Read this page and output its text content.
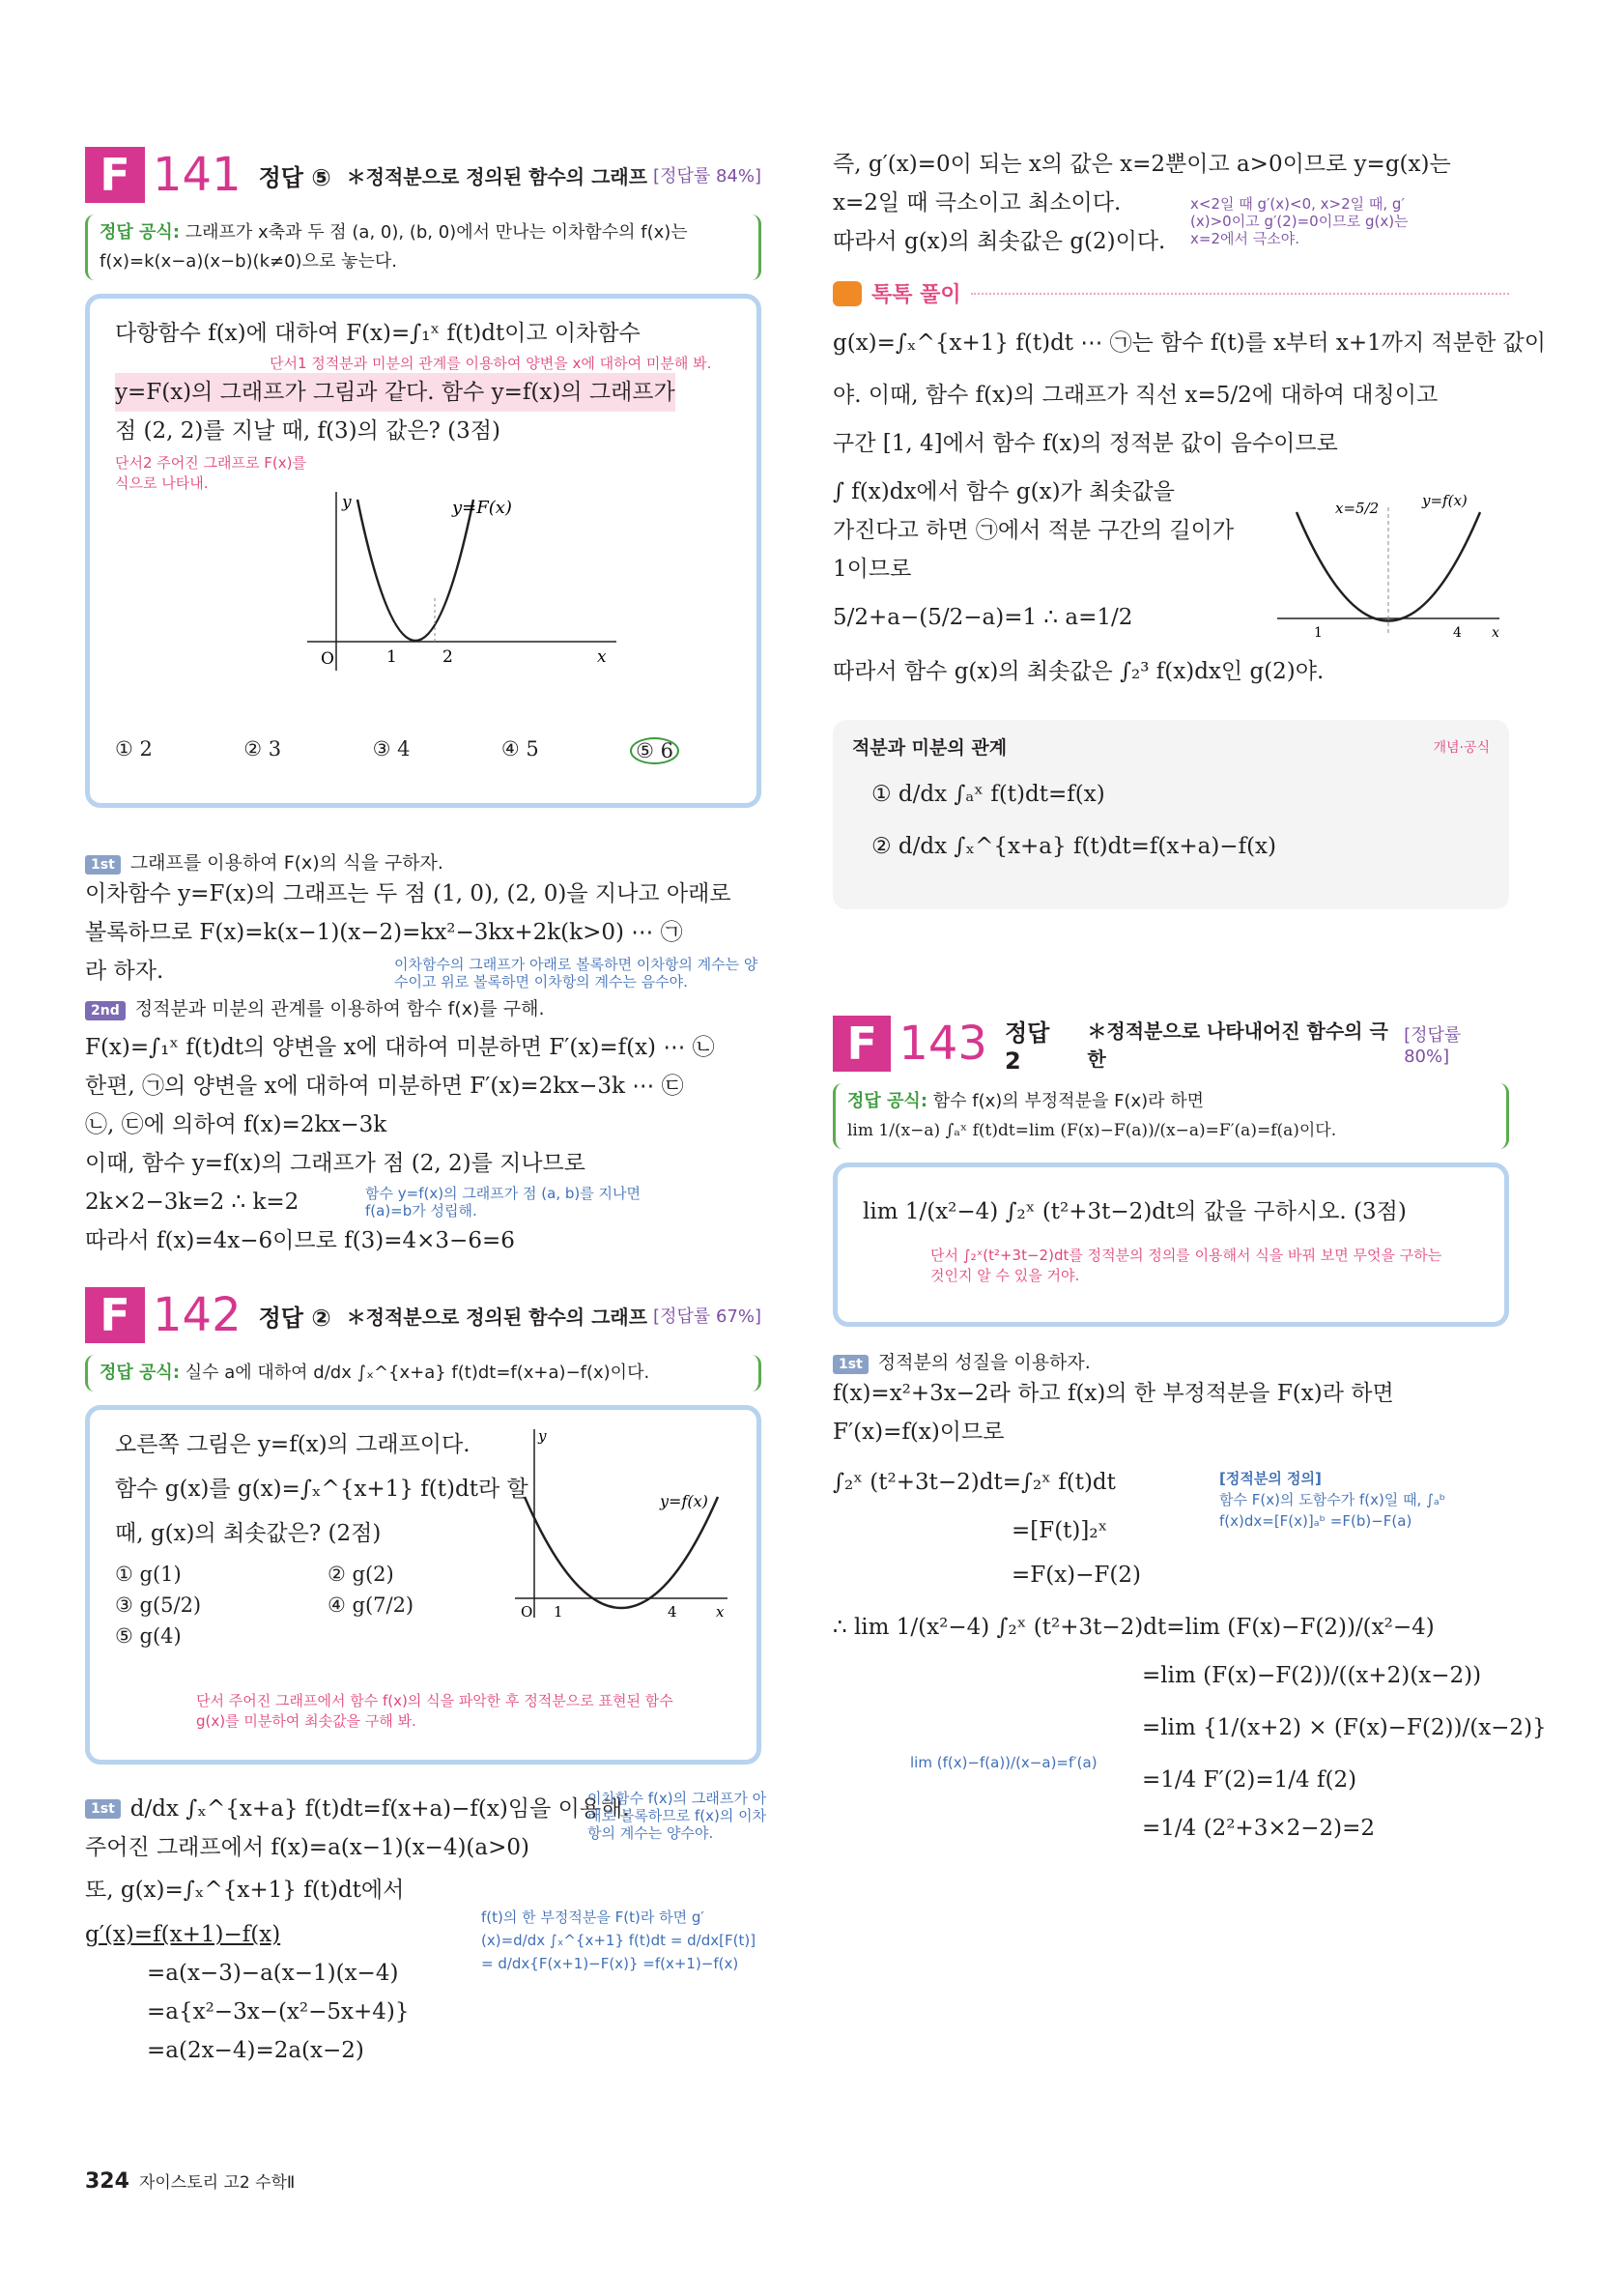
F 141 정답 ⑤ ＊정적분으로 정의된 함수의 그래프 [정답률 84%]
정답 공식: 그래프가 x축과 두 점 (a, 0), (b, 0)에서 만나는 이차함수의 f(x)는 f(x)=k(x−a)(x−b)(k≠0)으로 놓는다.
다항함수 f(x)에 대하여 F(x)=∫₁ˣ f(t)dt이고 이차함수
단서1 정적분과 미분의 관계를 이용하여 양변을 x에 대하여 미분해 봐.
y=F(x)의 그래프가 그림과 같다. 함수 y=f(x)의 그래프가
점 (2, 2)를 지날 때, f(3)의 값은? (3점)
단서2 주어진 그래프로 F(x)를 식으로 나타내.
O	1	2	x
y	y=F(x)
① 2	② 3	③ 4	④ 5	⑤ 6
1st 그래프를 이용하여 F(x)의 식을 구하자.
이차함수 y=F(x)의 그래프는 두 점 (1, 0), (2, 0)을 지나고 아래로
볼록하므로 F(x)=k(x−1)(x−2)=kx²−3kx+2k(k>0) ⋯ ㉠
라 하자.	이차함수의 그래프가 아래로 볼록하면 이차항의 계수는 양수이고 위로 볼록하면 이차항의 계수는 음수야.
2nd 정적분과 미분의 관계를 이용하여 함수 f(x)를 구해.
F(x)=∫₁ˣ f(t)dt의 양변을 x에 대하여 미분하면 F′(x)=f(x) ⋯ ㉡
한편, ㉠의 양변을 x에 대하여 미분하면 F′(x)=2kx−3k ⋯ ㉢
㉡, ㉢에 의하여 f(x)=2kx−3k
이때, 함수 y=f(x)의 그래프가 점 (2, 2)를 지나므로
2k×2−3k=2 ∴ k=2	함수 y=f(x)의 그래프가 점 (a, b)를 지나면 f(a)=b가 성립해.
따라서 f(x)=4x−6이므로 f(3)=4×3−6=6
F 142 정답 ② ＊정적분으로 정의된 함수의 그래프 [정답률 67%]
정답 공식: 실수 a에 대하여 d/dx ∫ₓ^{x+a} f(t)dt=f(x+a)−f(x)이다.
오른쪽 그림은 y=f(x)의 그래프이다.
함수 g(x)를 g(x)=∫ₓ^{x+1} f(t)dt라 할
때, g(x)의 최솟값은? (2점)
① g(1)	② g(2)
③ g(5/2)	④ g(7/2)
⑤ g(4)
단서 주어진 그래프에서 함수 f(x)의 식을 파악한 후 정적분으로 표현된 함수 g(x)를 미분하여 최솟값을 구해 봐.
O 1	4	x
y
y=f(x)
1st d/dx ∫ₓ^{x+a} f(t)dt=f(x+a)−f(x)임을 이용해.
주어진 그래프에서 f(x)=a(x−1)(x−4)(a>0)
또, g(x)=∫ₓ^{x+1} f(t)dt에서
g′(x)=f(x+1)−f(x)
=a(x−3)−a(x−1)(x−4)
=a{x²−3x−(x²−5x+4)}
=a(2x−4)=2a(x−2)
이차함수 f(x)의 그래프가 아래로 볼록하므로 f(x)의 이차항의 계수는 양수야.
f(t)의 한 부정적분을 F(t)라 하면 g′(x)=d/dx ∫ₓ^{x+1} f(t)dt = d/dx[F(t)] = d/dx{F(x+1)−F(x)} =f(x+1)−f(x)
즉, g′(x)=0이 되는 x의 값은 x=2뿐이고 a>0이므로 y=g(x)는
x=2일 때 극소이고 최소이다.
따라서 g(x)의 최솟값은 g(2)이다.
x<2일 때 g′(x)<0, x>2일 때, g′(x)>0이고 g′(2)=0이므로 g(x)는 x=2에서 극소야.
톡톡 풀이
g(x)=∫ₓ^{x+1} f(t)dt ⋯ ㉠는 함수 f(t)를 x부터 x+1까지 적분한 값이
야. 이때, 함수 f(x)의 그래프가 직선 x=5/2에 대하여 대칭이고
구간 [1, 4]에서 함수 f(x)의 정적분 값이 음수이므로
∫ f(x)dx에서 함수 g(x)가 최솟값을
가진다고 하면 ㉠에서 적분 구간의 길이가
1이므로
5/2+a−(5/2−a)=1 ∴ a=1/2
따라서 함수 g(x)의 최솟값은 ∫₂³ f(x)dx인 g(2)야.
x=5/2	y=f(x)
1	4 x
적분과 미분의 관계	개념·공식
① d/dx ∫ₐˣ f(t)dt=f(x)
② d/dx ∫ₓ^{x+a} f(t)dt=f(x+a)−f(x)
F 143 정답 2
＊정적분으로 나타내어진 함수의 극한
[정답률 80%]
정답 공식: 함수 f(x)의 부정적분을 F(x)라 하면
lim 1/(x−a) ∫ₐˣ f(t)dt=lim (F(x)−F(a))/(x−a)=F′(a)=f(a)이다.
lim 1/(x²−4) ∫₂ˣ (t²+3t−2)dt의 값을 구하시오. (3점)
단서 ∫₂ˣ(t²+3t−2)dt를 정적분의 정의를 이용해서 식을 바꿔 보면 무엇을 구하는 것인지 알 수 있을 거야.
1st 정적분의 성질을 이용하자.
f(x)=x²+3x−2라 하고 f(x)의 한 부정적분을 F(x)라 하면
F′(x)=f(x)이므로
∫₂ˣ (t²+3t−2)dt=∫₂ˣ f(t)dt
=[F(t)]₂ˣ
=F(x)−F(2)
∴ lim 1/(x²−4) ∫₂ˣ (t²+3t−2)dt=lim (F(x)−F(2))/(x²−4)
=lim (F(x)−F(2))/((x+2)(x−2))
=lim {1/(x+2) × (F(x)−F(2))/(x−2)}
=1/4 F′(2)=1/4 f(2)
=1/4 (2²+3×2−2)=2
[정적분의 정의]
함수 F(x)의 도함수가 f(x)일 때, ∫ₐᵇ f(x)dx=[F(x)]ₐᵇ =F(b)−F(a)
lim (f(x)−f(a))/(x−a)=f′(a)
324 자이스토리 고2 수학Ⅱ
